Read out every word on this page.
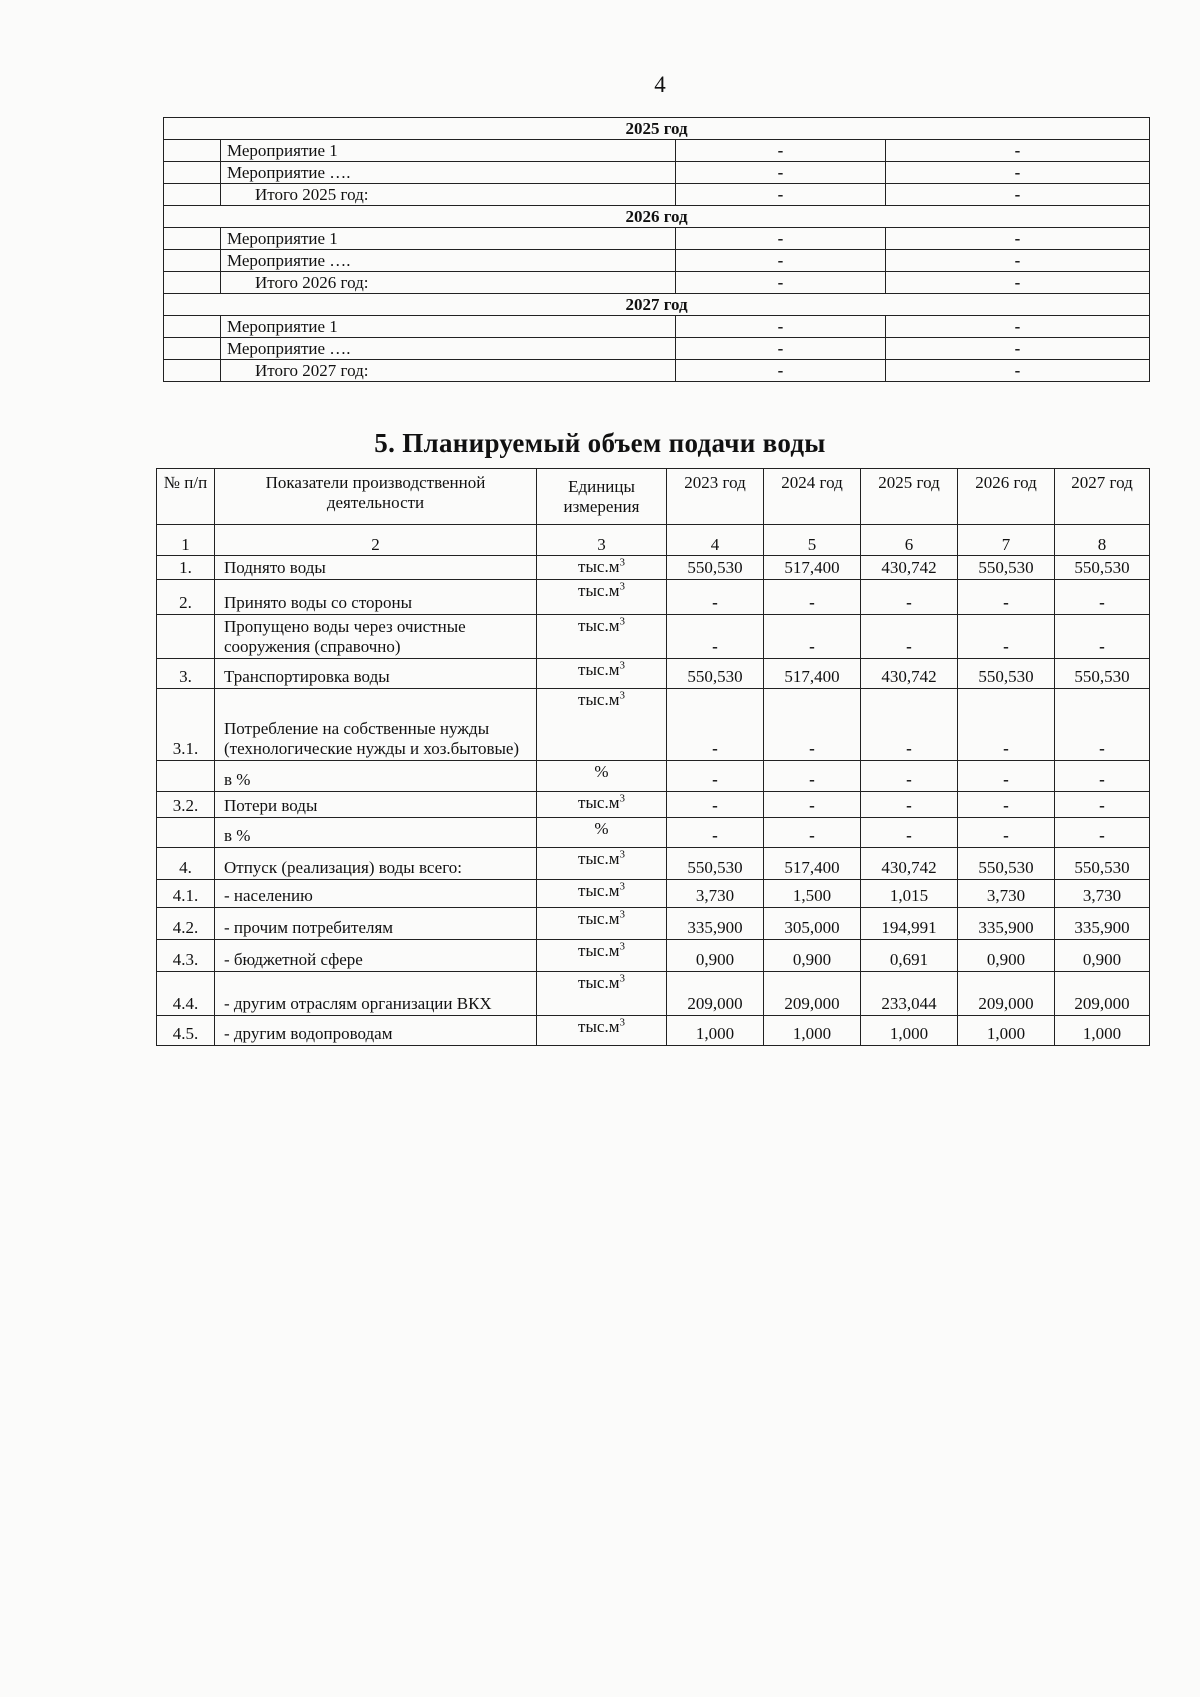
4
2025 год			
	Мероприятие 1	-	-
	Мероприятие ….	-	-
	Итого 2025 год:	-	-
2026 год			
	Мероприятие 1	-	-
	Мероприятие ….	-	-
	Итого 2026 год:	-	-
2027 год			
	Мероприятие 1	-	-
	Мероприятие ….	-	-
	Итого 2027 год:	-	-
5. Планируемый объем подачи воды
№ п/п	Показатели производственной деятельности	Единицы измерения	2023 год	2024 год	2025 год	2026 год	2027 год
1	2	3	4	5	6	7	8
1.	Поднято воды	$тыс.м^3$	550,530	517,400	430,742	550,530	550,530
2.	Принято воды со стороны	$тыс.м^3$	-	-	-	-	-
	Пропущено воды через очистные сооружения (справочно)	$тыс.м^3$	-	-	-	-	-
3.	Транспортировка воды	$тыс.м^3$	550,530	517,400	430,742	550,530	550,530
3.1.	Потребление на собственные нужды (технологические нужды и хоз.бытовые)	$тыс.м^3$	-	-	-	-	-
	в %	%	-	-	-	-	-
3.2.	Потери воды	$тыс.м^3$	-	-	-	-	-
	в %	%	-	-	-	-	-
4.	Отпуск (реализация) воды всего:	$тыс.м^3$	550,530	517,400	430,742	550,530	550,530
4.1.	- населению	$тыс.м^3$	3,730	1,500	1,015	3,730	3,730
4.2.	- прочим потребителям	$тыс.м^3$	335,900	305,000	194,991	335,900	335,900
4.3.	- бюджетной сфере	$тыс.м^3$	0,900	0,900	0,691	0,900	0,900
4.4.	- другим отраслям организации ВКХ	$тыс.м^3$	209,000	209,000	233,044	209,000	209,000
4.5.	- другим водопроводам	$тыс.м^3$	1,000	1,000	1,000	1,000	1,000
